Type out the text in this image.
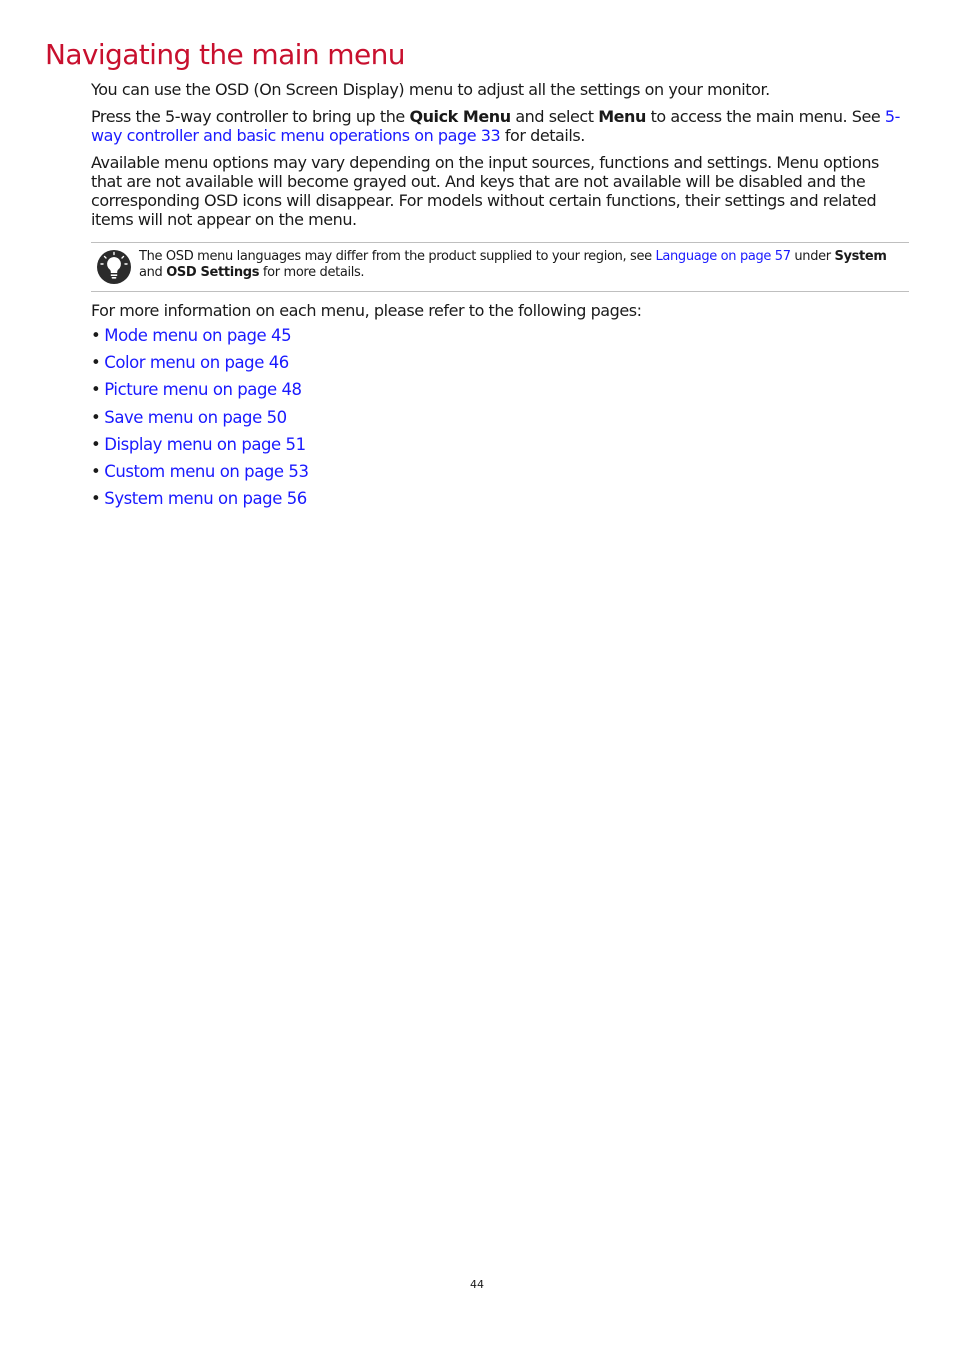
Navigating the main menu

You can use the OSD (On Screen Display) menu to adjust all the settings on your monitor.

Press the 5-way controller to bring up the Quick Menu and select Menu to access the main menu. See 5-way controller and basic menu operations on page 33 for details.

Available menu options may vary depending on the input sources, functions and settings. Menu options that are not available will become grayed out. And keys that are not available will be disabled and the corresponding OSD icons will disappear. For models without certain functions, their settings and related items will not appear on the menu.

The OSD menu languages may differ from the product supplied to your region, see Language on page 57 under System and OSD Settings for more details.

For more information on each menu, please refer to the following pages:

• Mode menu on page 45
• Color menu on page 46
• Picture menu on page 48
• Save menu on page 50
• Display menu on page 51
• Custom menu on page 53
• System menu on page 56
44
